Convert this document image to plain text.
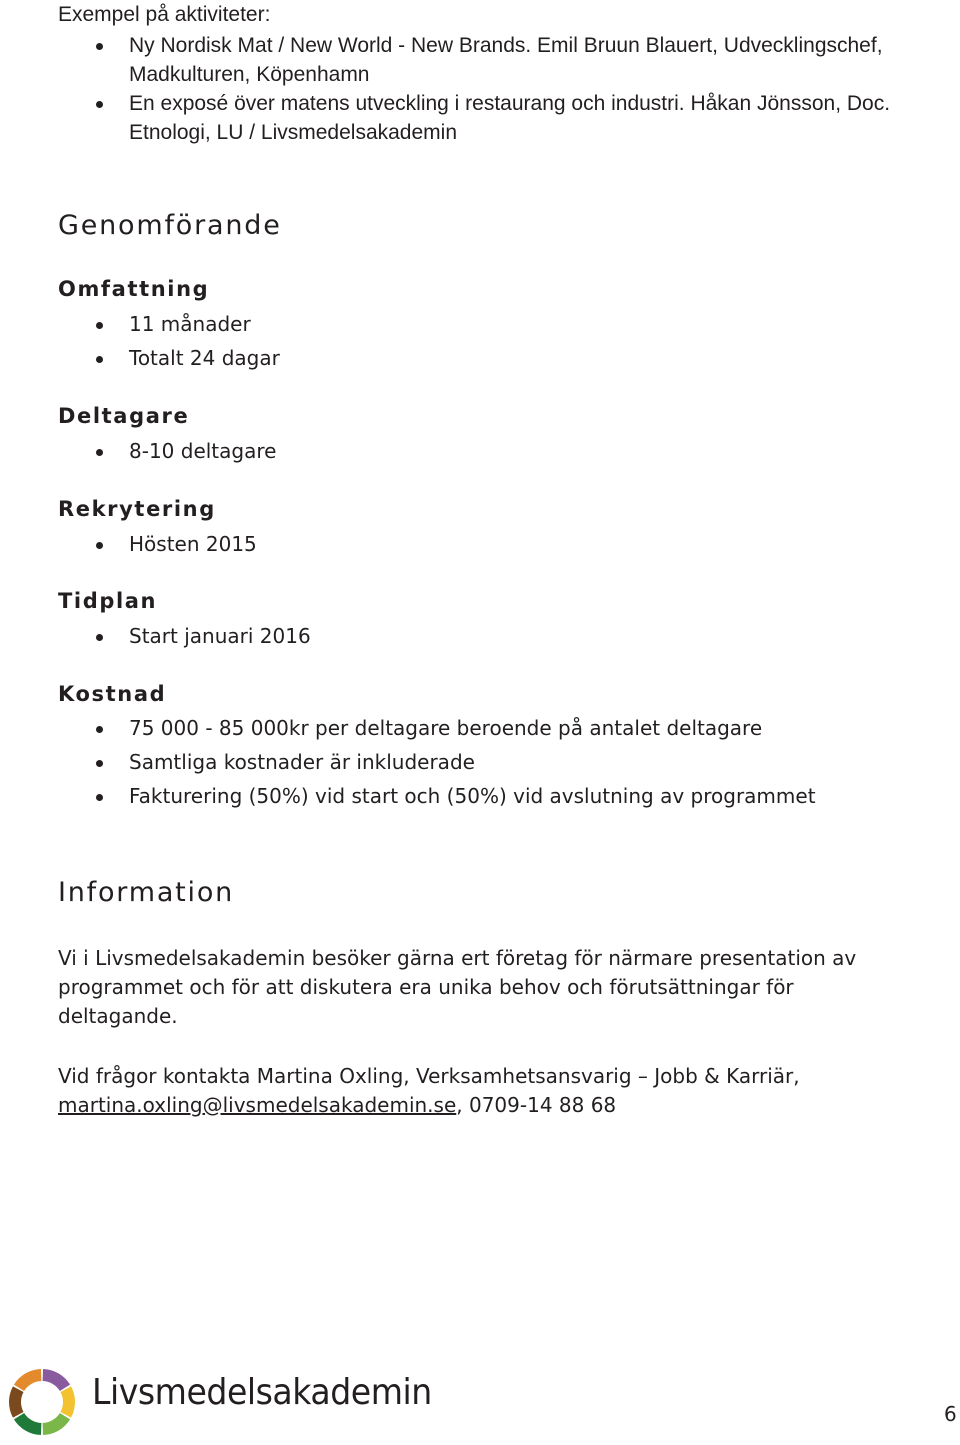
Exempel på aktiviteter:
Ny Nordisk Mat / New World - New Brands. Emil Bruun Blauert, Udvecklingschef, Madkulturen, Köpenhamn
En exposé över matens utveckling i restaurang och industri. Håkan Jönsson, Doc. Etnologi, LU / Livsmedelsakademin
Genomförande
Omfattning
11 månader
Totalt 24 dagar
Deltagare
8-10 deltagare
Rekrytering
Hösten 2015
Tidplan
Start januari 2016
Kostnad
75 000 - 85 000kr per deltagare beroende på antalet deltagare
Samtliga kostnader är inkluderade
Fakturering (50%) vid start och (50%) vid avslutning av programmet
Information
Vi i Livsmedelsakademin besöker gärna ert företag för närmare presentation av programmet och för att diskutera era unika behov och förutsättningar för deltagande.
Vid frågor kontakta Martina Oxling, Verksamhetsansvarig – Jobb & Karriär,
martina.oxling@livsmedelsakademin.se, 0709-14 88 68
Livsmedelsakademin
6
